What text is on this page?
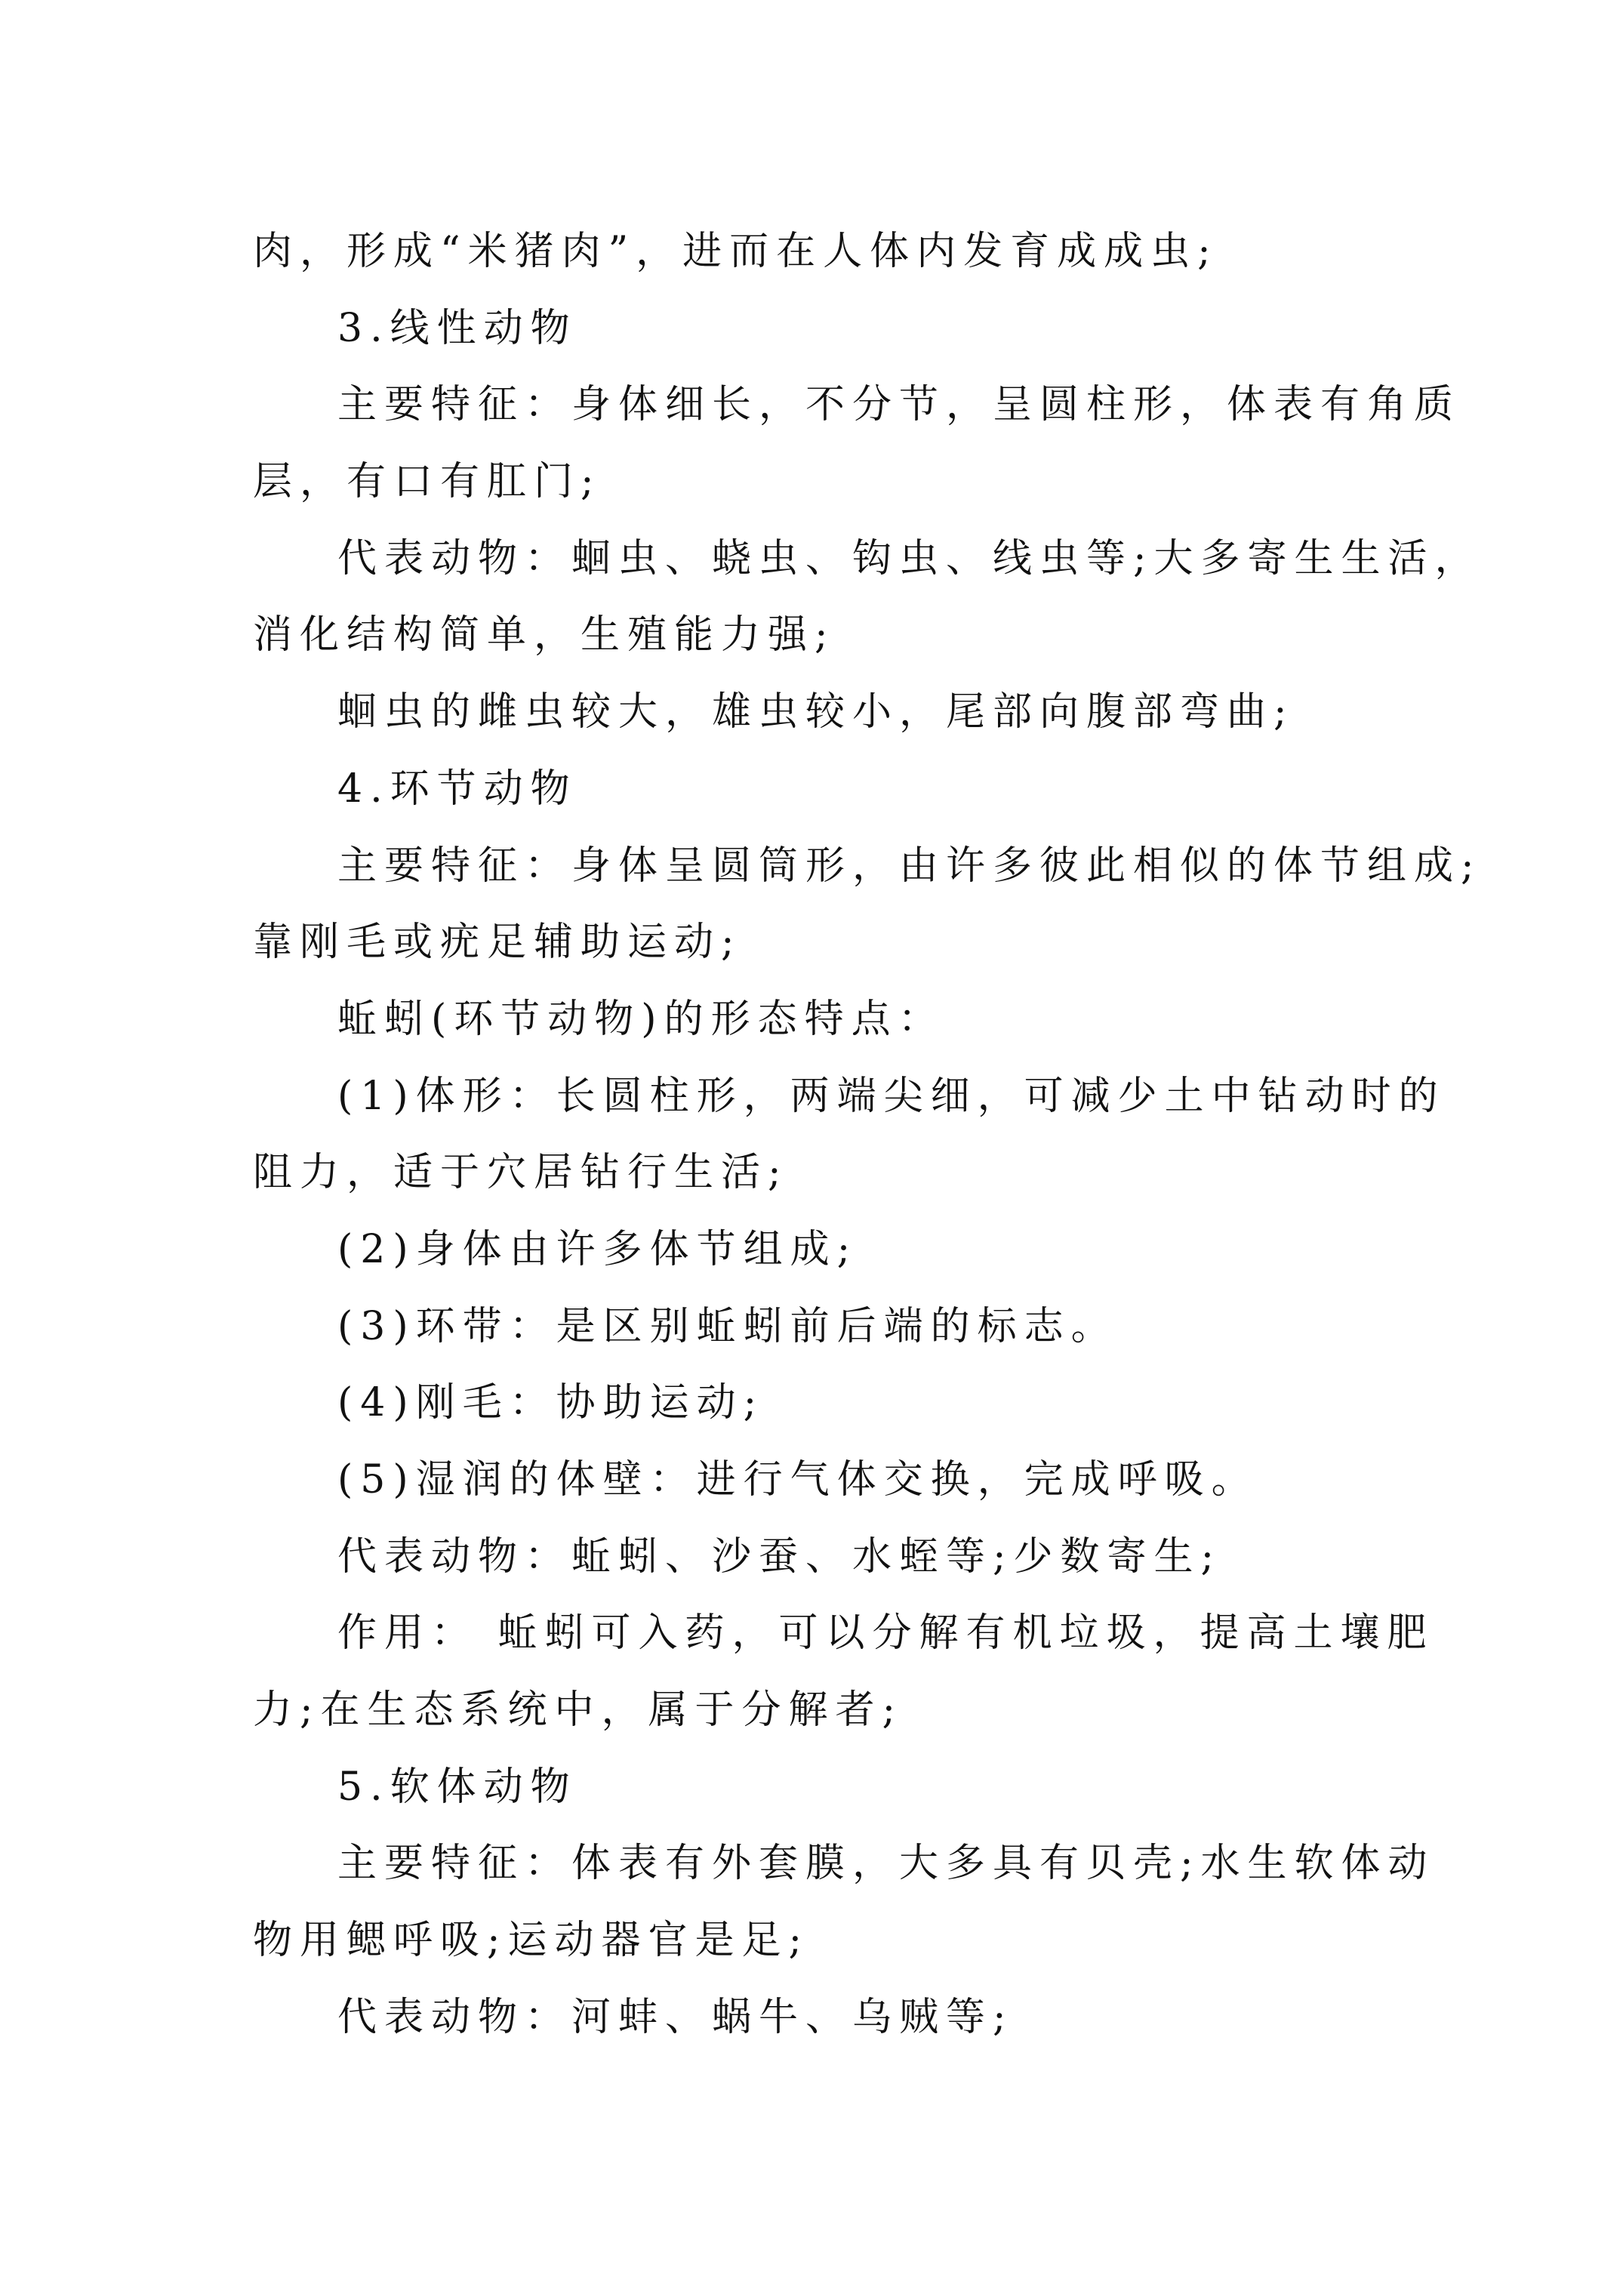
肉，形成“米猪肉”，进而在人体内发育成成虫;
3.线性动物
主要特征：身体细长，不分节，呈圆柱形，体表有角质
层，有口有肛门;
代表动物：蛔虫、蛲虫、钩虫、线虫等;大多寄生生活，
消化结构简单，生殖能力强;
蛔虫的雌虫较大，雄虫较小，尾部向腹部弯曲;
4.环节动物
主要特征：身体呈圆筒形，由许多彼此相似的体节组成;
靠刚毛或疣足辅助运动;
蚯蚓(环节动物)的形态特点：
(1)体形：长圆柱形，两端尖细，可减少土中钻动时的
阻力，适于穴居钻行生活;
(2)身体由许多体节组成;
(3)环带：是区别蚯蚓前后端的标志。
(4)刚毛：协助运动;
(5)湿润的体壁：进行气体交换，完成呼吸。
代表动物：蚯蚓、沙蚕、水蛭等;少数寄生;
作用： 蚯蚓可入药，可以分解有机垃圾，提高土壤肥
力;在生态系统中，属于分解者;
5.软体动物
主要特征：体表有外套膜，大多具有贝壳;水生软体动
物用鳃呼吸;运动器官是足;
代表动物：河蚌、蜗牛、乌贼等;
